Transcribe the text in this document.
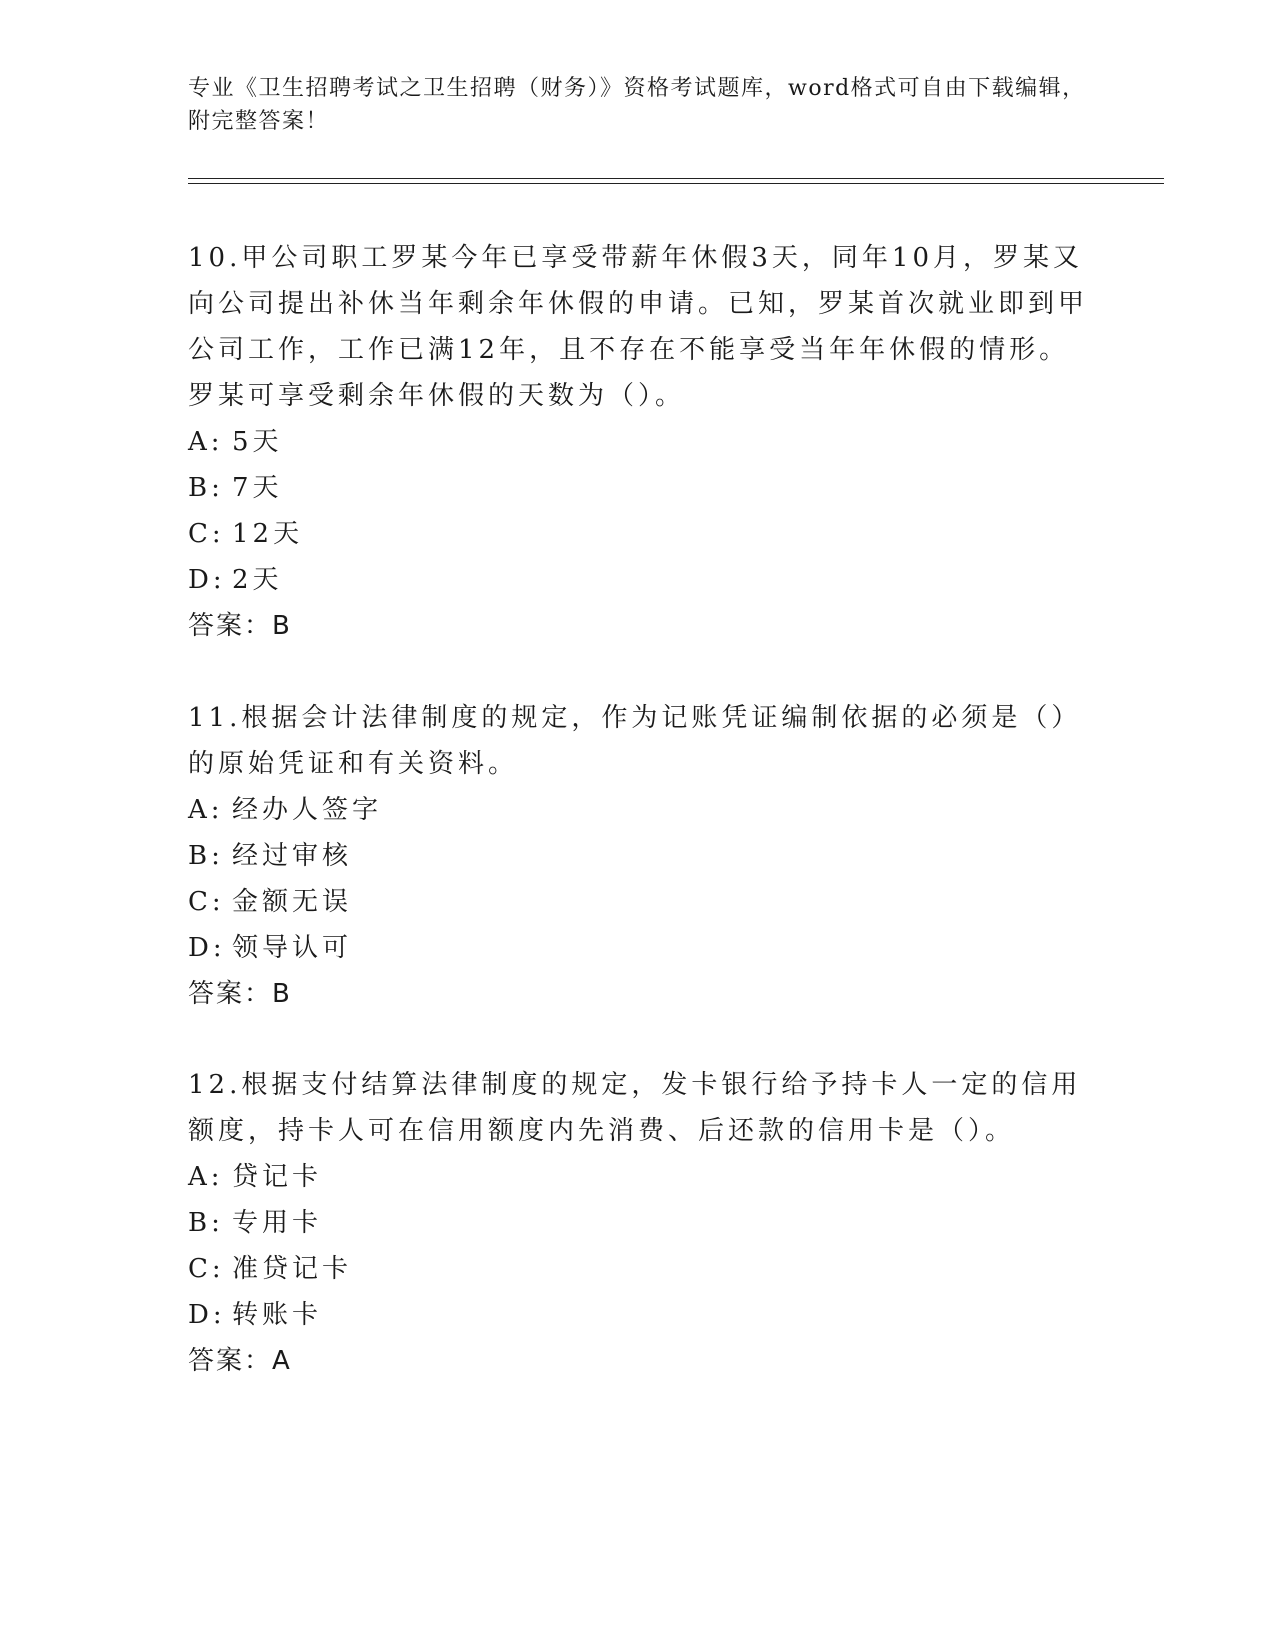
专业《卫生招聘考试之卫生招聘（财务）》资格考试题库，word格式可自由下载编辑，附完整答案！
10.甲公司职工罗某今年已享受带薪年休假3天，同年10月，罗某又向公司提出补休当年剩余年休假的申请。已知，罗某首次就业即到甲公司工作，工作已满12年，且不存在不能享受当年年休假的情形。罗某可享受剩余年休假的天数为（）。
A: 5天
B: 7天
C: 12天
D: 2天
答案：B
11.根据会计法律制度的规定，作为记账凭证编制依据的必须是（）的原始凭证和有关资料。
A: 经办人签字
B: 经过审核
C: 金额无误
D: 领导认可
答案：B
12.根据支付结算法律制度的规定，发卡银行给予持卡人一定的信用额度，持卡人可在信用额度内先消费、后还款的信用卡是（）。
A: 贷记卡
B: 专用卡
C: 准贷记卡
D: 转账卡
答案：A
